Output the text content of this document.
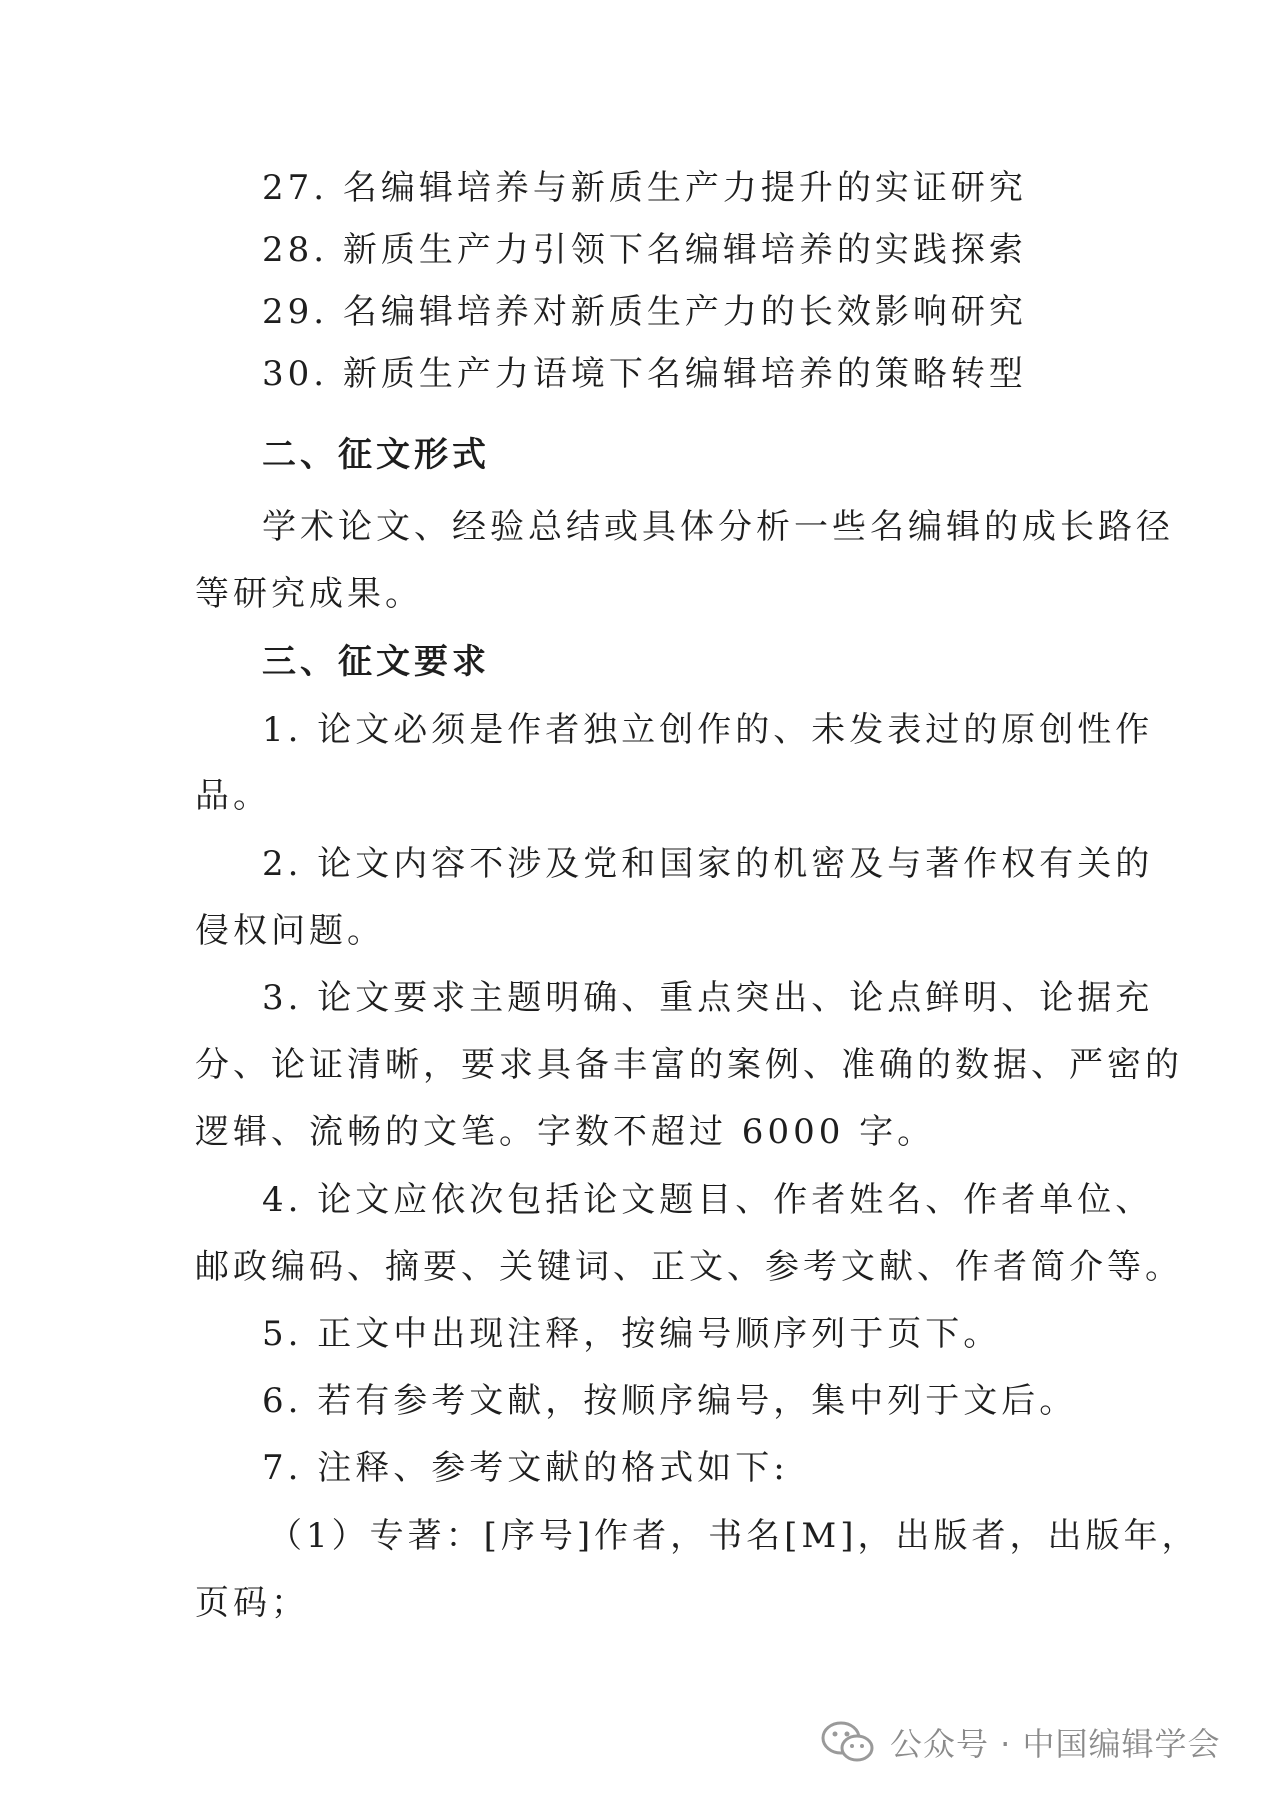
27. 名编辑培养与新质生产力提升的实证研究
28. 新质生产力引领下名编辑培养的实践探索
29. 名编辑培养对新质生产力的长效影响研究
30. 新质生产力语境下名编辑培养的策略转型
二、征文形式
学术论文、经验总结或具体分析一些名编辑的成长路径
等研究成果。
三、征文要求
1. 论文必须是作者独立创作的、未发表过的原创性作
品。
2. 论文内容不涉及党和国家的机密及与著作权有关的
侵权问题。
3. 论文要求主题明确、重点突出、论点鲜明、论据充
分、论证清晰，要求具备丰富的案例、准确的数据、严密的
逻辑、流畅的文笔。字数不超过 6000 字。
4. 论文应依次包括论文题目、作者姓名、作者单位、
邮政编码、摘要、关键词、正文、参考文献、作者简介等。
5. 正文中出现注释，按编号顺序列于页下。
6. 若有参考文献，按顺序编号，集中列于文后。
7. 注释、参考文献的格式如下:
（1）专著：[序号]作者，书名[M]，出版者，出版年，
页码；
公众号 · 中国编辑学会
